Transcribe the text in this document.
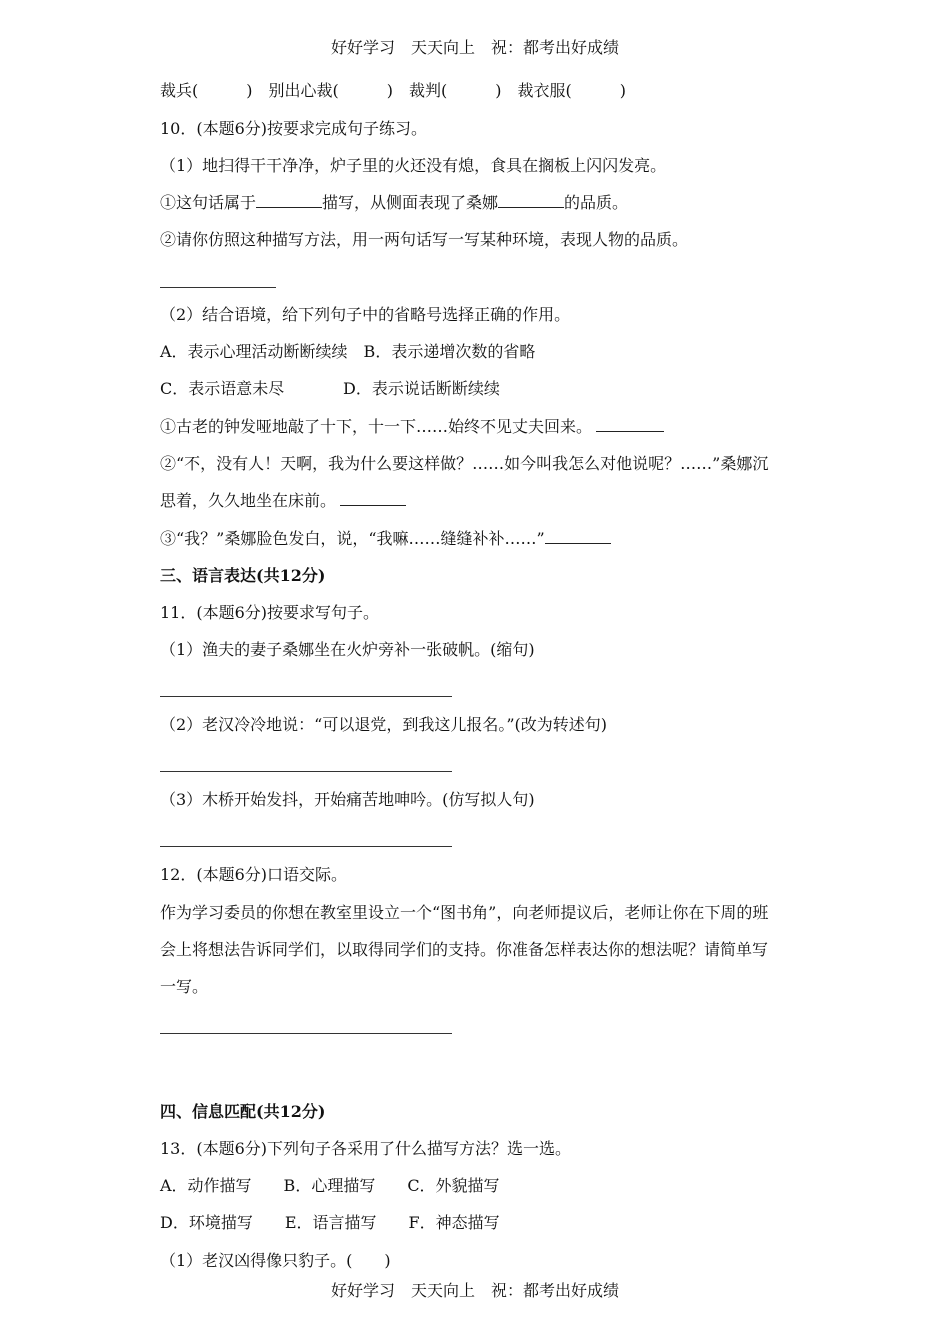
好好学习　天天向上　祝：都考出好成绩
裁兵(　　　)　别出心裁(　　　)　裁判(　　　)　裁衣服(　　　)
10．(本题6分)按要求完成句子练习。
（1）地扫得干干净净，炉子里的火还没有熄，食具在搁板上闪闪发亮。
①这句话属于	描写，从侧面表现了桑娜	的品质。
②请你仿照这种描写方法，用一两句话写一写某种环境，表现人物的品质。
（2）结合语境，给下列句子中的省略号选择正确的作用。
A．表示心理活动断断续续　B．表示递增次数的省略
C．表示语意未尽	D．表示说话断断续续
①古老的钟发哑地敲了十下，十一下……始终不见丈夫回来。
②“不，没有人！天啊，我为什么要这样做？……如今叫我怎么对他说呢？……”桑娜沉
思着，久久地坐在床前。
③“我？”桑娜脸色发白，说，“我嘛……缝缝补补……”
三、语言表达(共12分)
11．(本题6分)按要求写句子。
（1）渔夫的妻子桑娜坐在火炉旁补一张破帆。(缩句)
（2）老汉冷冷地说：“可以退党，到我这儿报名。”(改为转述句)
（3）木桥开始发抖，开始痛苦地呻吟。(仿写拟人句)
12．(本题6分)口语交际。
作为学习委员的你想在教室里设立一个“图书角”，向老师提议后，老师让你在下周的班
会上将想法告诉同学们，以取得同学们的支持。你准备怎样表达你的想法呢？请简单写
一写。
四、信息匹配(共12分)
13．(本题6分)下列句子各采用了什么描写方法？选一选。
A．动作描写　　B．心理描写　　C．外貌描写
D．环境描写　　E．语言描写　　F．神态描写
（1）老汉凶得像只豹子。(　　)
好好学习　天天向上　祝：都考出好成绩
